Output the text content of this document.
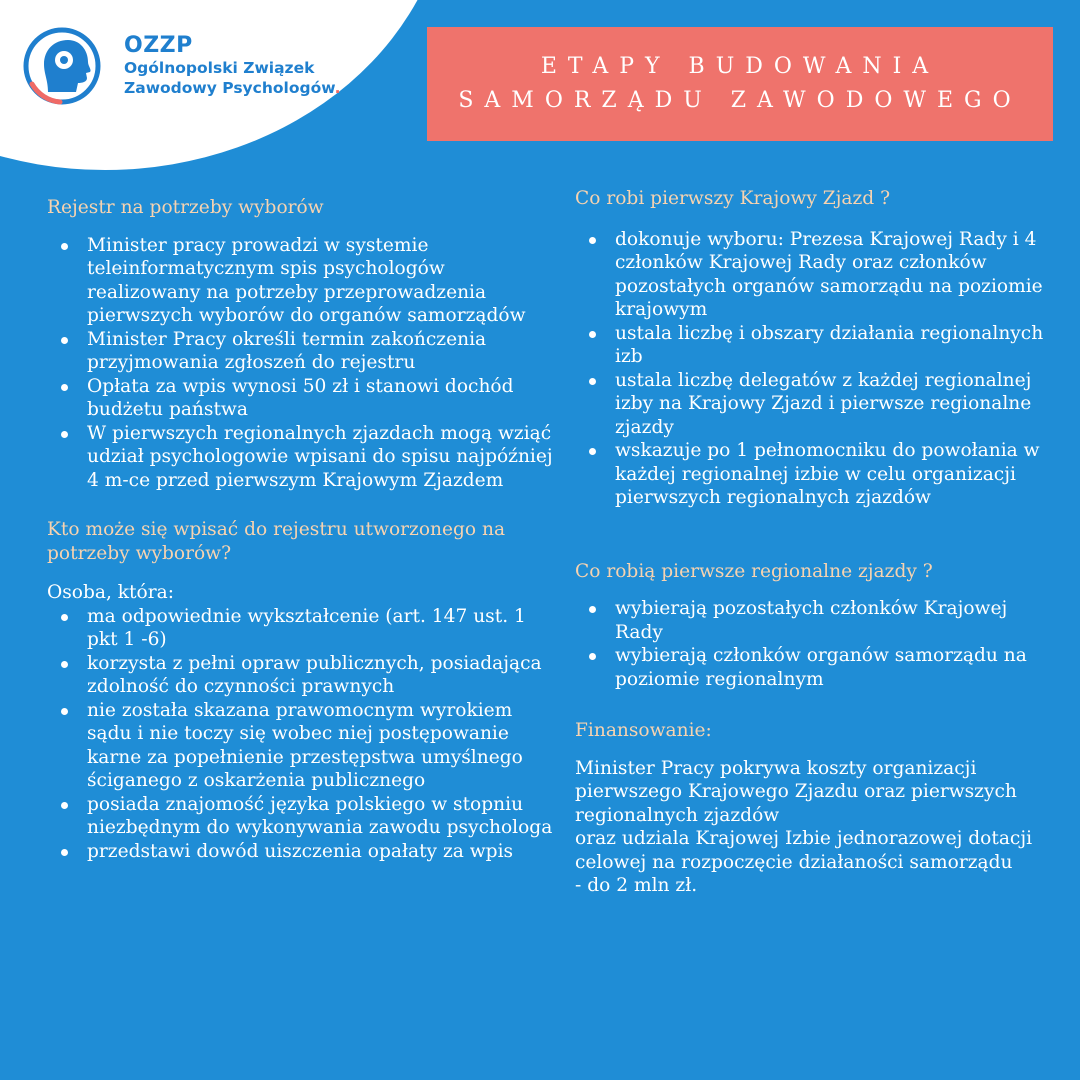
OZZP
Ogólnopolski Związek
Zawodowy Psychologów.
ETAPY BUDOWANIA
SAMORZĄDU ZAWODOWEGO
Rejestr na potrzeby wyborów
Minister pracy prowadzi w systemie teleinformatycznym spis psychologów realizowany na potrzeby przeprowadzenia pierwszych wyborów do organów samorządów
Minister Pracy określi termin zakończenia przyjmowania zgłoszeń do rejestru
Opłata za wpis wynosi 50 zł i stanowi dochód budżetu państwa
W pierwszych regionalnych zjazdach mogą wziąć udział psychologowie wpisani do spisu najpóźniej 4 m-ce przed pierwszym Krajowym Zjazdem
Kto może się wpisać do rejestru utworzonego na potrzeby wyborów?

Osoba, która:

ma odpowiednie wykształcenie (art. 147 ust. 1 pkt 1 -6)
korzysta z pełni opraw publicznych, posiadająca zdolność do czynności prawnych
nie została skazana prawomocnym wyrokiem sądu i nie toczy się wobec niej postępowanie karne za popełnienie przestępstwa umyślnego ściganego z oskarżenia publicznego
posiada znajomość języka polskiego w stopniu niezbędnym do wykonywania zawodu psychologa
przedstawi dowód uiszczenia opałaty za wpis
Co robi pierwszy Krajowy Zjazd ?
dokonuje wyboru: Prezesa Krajowej Rady i 4 członków Krajowej Rady oraz członków pozostałych organów samorządu na poziomie krajowym
ustala liczbę i obszary działania regionalnych izb
ustala liczbę delegatów z każdej regionalnej izby na Krajowy Zjazd i pierwsze regionalne zjazdy
wskazuje po 1 pełnomocniku do powołania w każdej regionalnej izbie w celu organizacji pierwszych regionalnych zjazdów
Co robią pierwsze regionalne zjazdy ?
wybierają pozostałych członków Krajowej Rady
wybierają członków organów samorządu na poziomie regionalnym
Finansowanie:

Minister Pracy pokrywa koszty organizacji pierwszego Krajowego Zjazdu oraz pierwszych regionalnych zjazdów

oraz udziala Krajowej Izbie jednorazowej dotacji celowej na rozpoczęcie działaności samorządu

- do 2 mln zł.
